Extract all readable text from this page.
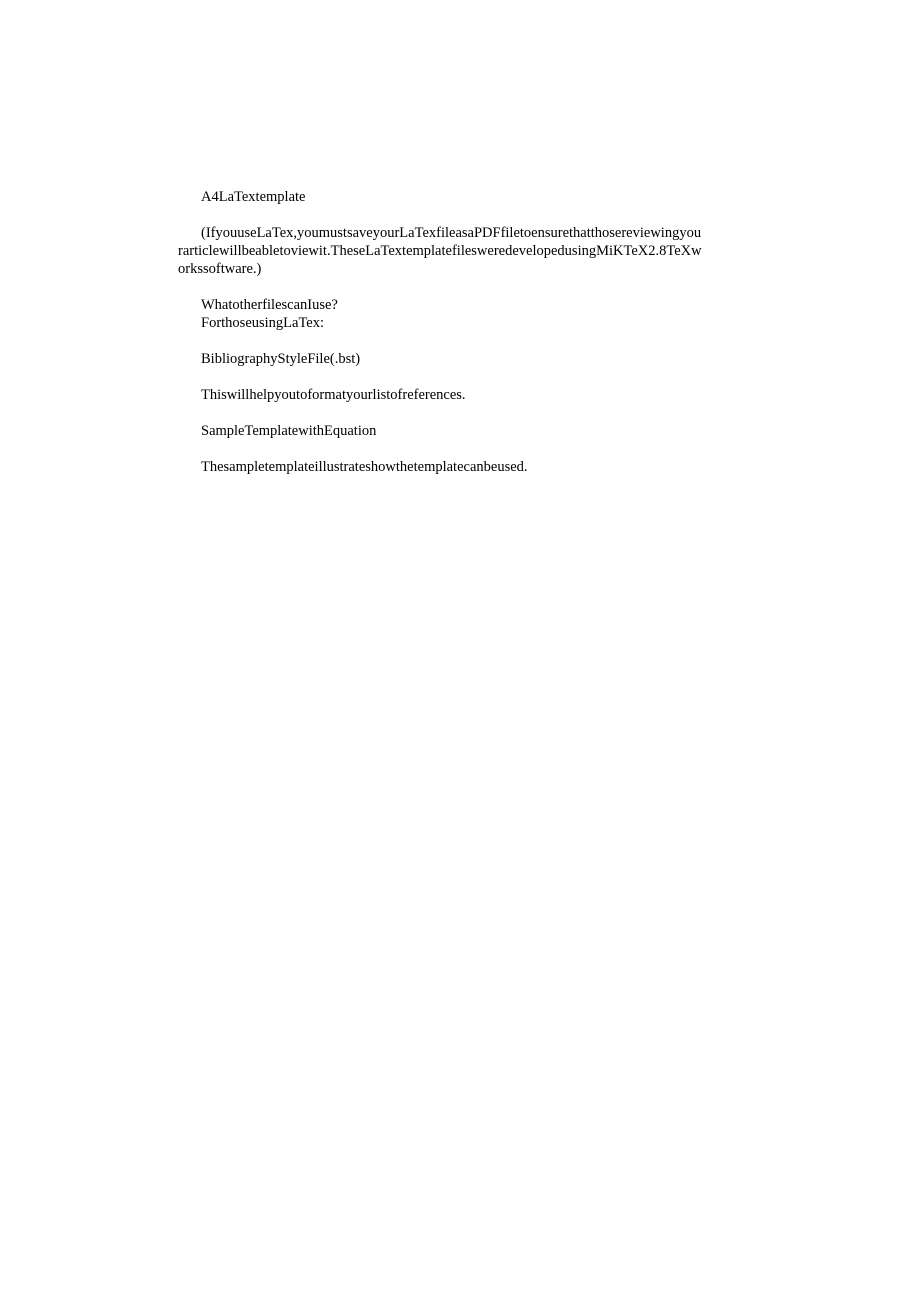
A4LaTextemplate

(IfyouuseLaTex,youmustsaveyourLaTexfileasaPDFfiletoensurethatthosereviewingyou
rarticlewillbeabletoviewit.TheseLaTextemplatefilesweredevelopedusingMiKTeX2.8TeXw
orkssoftware.)
WhatotherfilescanIuse?
ForthoseusingLaTex:

BibliographyStyleFile(.bst)

Thiswillhelpyoutoformatyourlistofreferences.

SampleTemplatewithEquation

Thesampletemplateillustrateshowthetemplatecanbeused.
